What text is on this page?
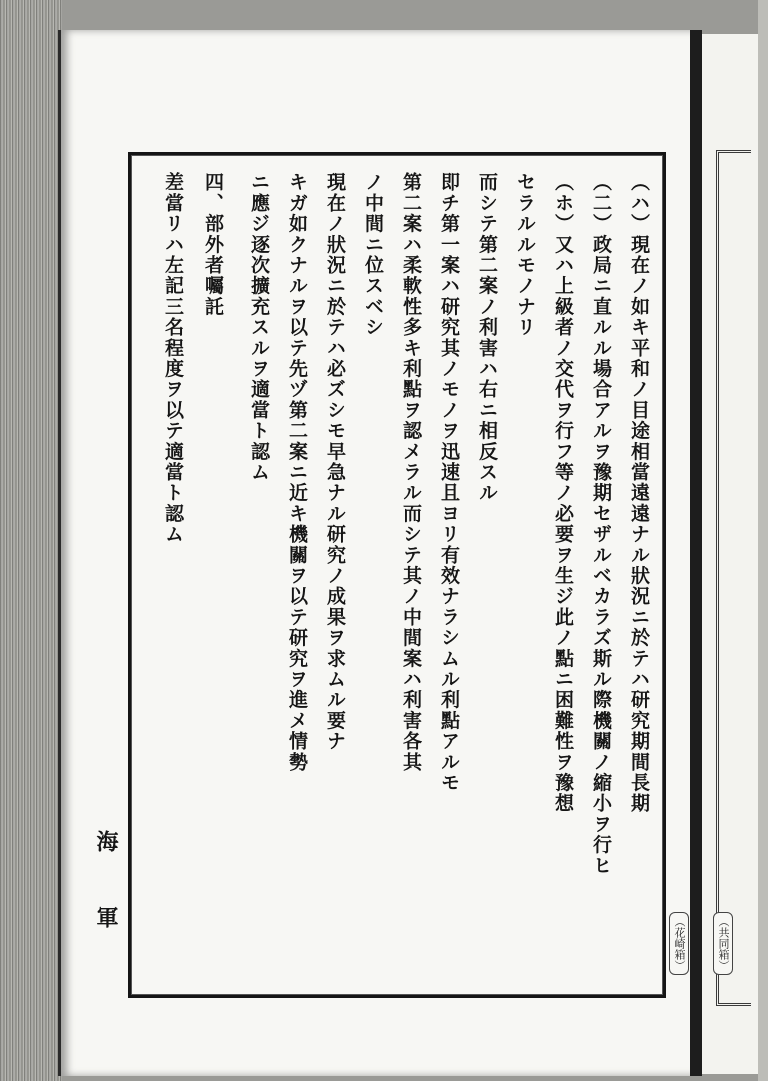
（ハ）現在ノ如キ平和ノ目途相當遠遠ナル狀況ニ於テハ研究期間長期
（二）政局ニ直ルル場合アルヲ豫期セザルベカラズ斯ル際機關ノ縮小ヲ行ヒ
（ホ）又ハ上級者ノ交代ヲ行フ等ノ必要ヲ生ジ此ノ點ニ困難性ヲ豫想
セラルルモノナリ
而シテ第二案ノ利害ハ右ニ相反スル
即チ第一案ハ研究其ノモノヲ迅速且ヨリ有效ナラシムル利點アルモ
第二案ハ柔軟性多キ利點ヲ認メラル而シテ其ノ中間案ハ利害各其
ノ中間ニ位スベシ
現在ノ狀況ニ於テハ必ズシモ早急ナル研究ノ成果ヲ求ムル要ナ
キガ如クナルヲ以テ先ヅ第二案ニ近キ機關ヲ以テ研究ヲ進メ情勢
ニ應ジ逐次擴充スルヲ適當ト認ム
四、部外者囑託
差當リハ左記三名程度ヲ以テ適當ト認ム
（花崎箱）	（共同箱）
海軍
